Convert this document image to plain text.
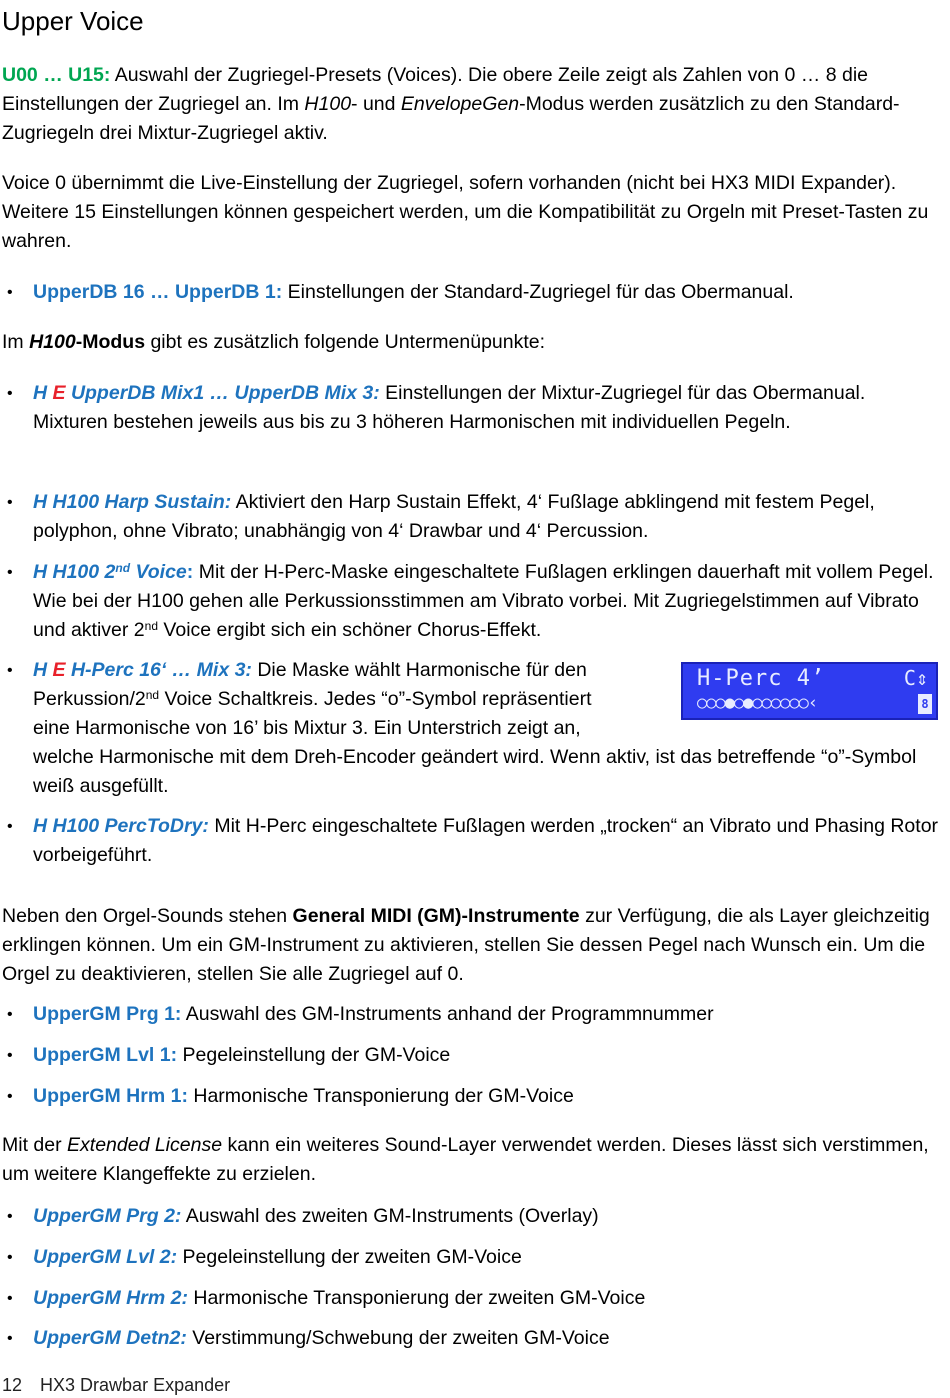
Upper Voice

U00 … U15: Auswahl der Zugriegel-Presets (Voices). Die obere Zeile zeigt als Zahlen von 0 … 8 die Einstellungen der Zugriegel an. Im H100- und EnvelopeGen-Modus werden zusätzlich zu den Standard-Zugriegeln drei Mixtur-Zugriegel aktiv.

Voice 0 übernimmt die Live-Einstellung der Zugriegel, sofern vorhanden (nicht bei HX3 MIDI Expander). Weitere 15 Einstellungen können gespeichert werden, um die Kompatibilität zu Orgeln mit Preset-Tasten zu wahren.

•	UpperDB 16 … UpperDB 1: Einstellungen der Standard-Zugriegel für das Obermanual.

Im H100-Modus gibt es zusätzlich folgende Untermenüpunkte:

•	H E UpperDB Mix1 … UpperDB Mix 3: Einstellungen der Mixtur-Zugriegel für das Obermanual. Mixturen bestehen jeweils aus bis zu 3 höheren Harmonischen mit individuellen Pegeln.

•	H H100 Harp Sustain: Aktiviert den Harp Sustain Effekt, 4‘ Fußlage abklingend mit festem Pegel, polyphon, ohne Vibrato; unabhängig von 4‘ Drawbar und 4‘ Percussion.

•	H H100 2nd Voice: Mit der H-Perc-Maske eingeschaltete Fußlagen erklingen dauerhaft mit vollem Pegel. Wie bei der H100 gehen alle Perkussionsstimmen am Vibrato vorbei. Mit Zugriegelstimmen auf Vibrato und aktiver 2nd Voice ergibt sich ein schöner Chorus-Effekt.

•	H E H-Perc 16‘ … Mix 3: Die Maske wählt Harmonische für den
Perkussion/2nd Voice Schaltkreis. Jedes “o”-Symbol repräsentiert
eine Harmonische von 16’ bis Mixtur 3. Ein Unterstrich zeigt an,
welche Harmonische mit dem Dreh-Encoder geändert wird. Wenn aktiv, ist das betreffende “o”-Symbol weiß ausgefüllt.
H-Perc 4’	C⇕
○○○●○●○○○○○○‹	8
•	H H100 PercToDry: Mit H-Perc eingeschaltete Fußlagen werden „trocken“ an Vibrato und Phasing Rotor vorbeigeführt.

Neben den Orgel-Sounds stehen General MIDI (GM)-Instrumente zur Verfügung, die als Layer gleichzeitig erklingen können. Um ein GM-Instrument zu aktivieren, stellen Sie dessen Pegel nach Wunsch ein. Um die Orgel zu deaktivieren, stellen Sie alle Zugriegel auf 0.

•	UpperGM Prg 1: Auswahl des GM-Instruments anhand der Programmnummer

•	UpperGM Lvl 1: Pegeleinstellung der GM-Voice

•	UpperGM Hrm 1: Harmonische Transponierung der GM-Voice

Mit der Extended License kann ein weiteres Sound-Layer verwendet werden. Dieses lässt sich verstimmen, um weitere Klangeffekte zu erzielen.

•	UpperGM Prg 2: Auswahl des zweiten GM-Instruments (Overlay)

•	UpperGM Lvl 2: Pegeleinstellung der zweiten GM-Voice

•	UpperGM Hrm 2: Harmonische Transponierung der zweiten GM-Voice

•	UpperGM Detn2: Verstimmung/Schwebung der zweiten GM-Voice

12 HX3 Drawbar Expander
